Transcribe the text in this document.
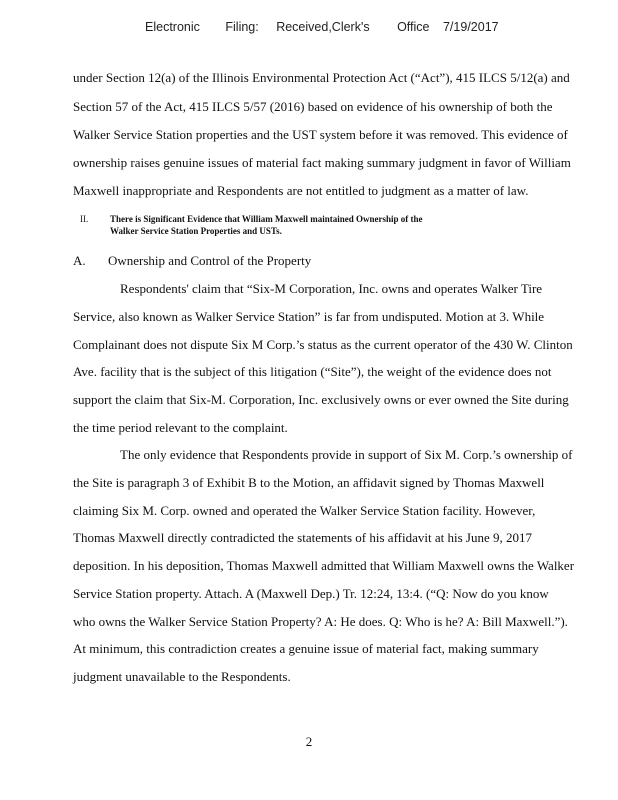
Electronic Filing: Received,Clerk's Office 7/19/2017
under Section 12(a) of the Illinois Environmental Protection Act (“Act”), 415 ILCS 5/12(a) and
Section 57 of the Act, 415 ILCS 5/57 (2016) based on evidence of his ownership of both the
Walker Service Station properties and the UST system before it was removed. This evidence of
ownership raises genuine issues of material fact making summary judgment in favor of William
Maxwell inappropriate and Respondents are not entitled to judgment as a matter of law.
II. There is Significant Evidence that William Maxwell maintained Ownership of the
Walker Service Station Properties and USTs.
A. Ownership and Control of the Property
Respondents' claim that “Six-M Corporation, Inc. owns and operates Walker Tire
Service, also known as Walker Service Station” is far from undisputed. Motion at 3. While
Complainant does not dispute Six M Corp.’s status as the current operator of the 430 W. Clinton
Ave. facility that is the subject of this litigation (“Site”), the weight of the evidence does not
support the claim that Six-M. Corporation, Inc. exclusively owns or ever owned the Site during
the time period relevant to the complaint.
The only evidence that Respondents provide in support of Six M. Corp.’s ownership of
the Site is paragraph 3 of Exhibit B to the Motion, an affidavit signed by Thomas Maxwell
claiming Six M. Corp. owned and operated the Walker Service Station facility. However,
Thomas Maxwell directly contradicted the statements of his affidavit at his June 9, 2017
deposition. In his deposition, Thomas Maxwell admitted that William Maxwell owns the Walker
Service Station property. Attach. A (Maxwell Dep.) Tr. 12:24, 13:4. (“Q: Now do you know
who owns the Walker Service Station Property? A: He does. Q: Who is he? A: Bill Maxwell.”).
At minimum, this contradiction creates a genuine issue of material fact, making summary
judgment unavailable to the Respondents.
2
